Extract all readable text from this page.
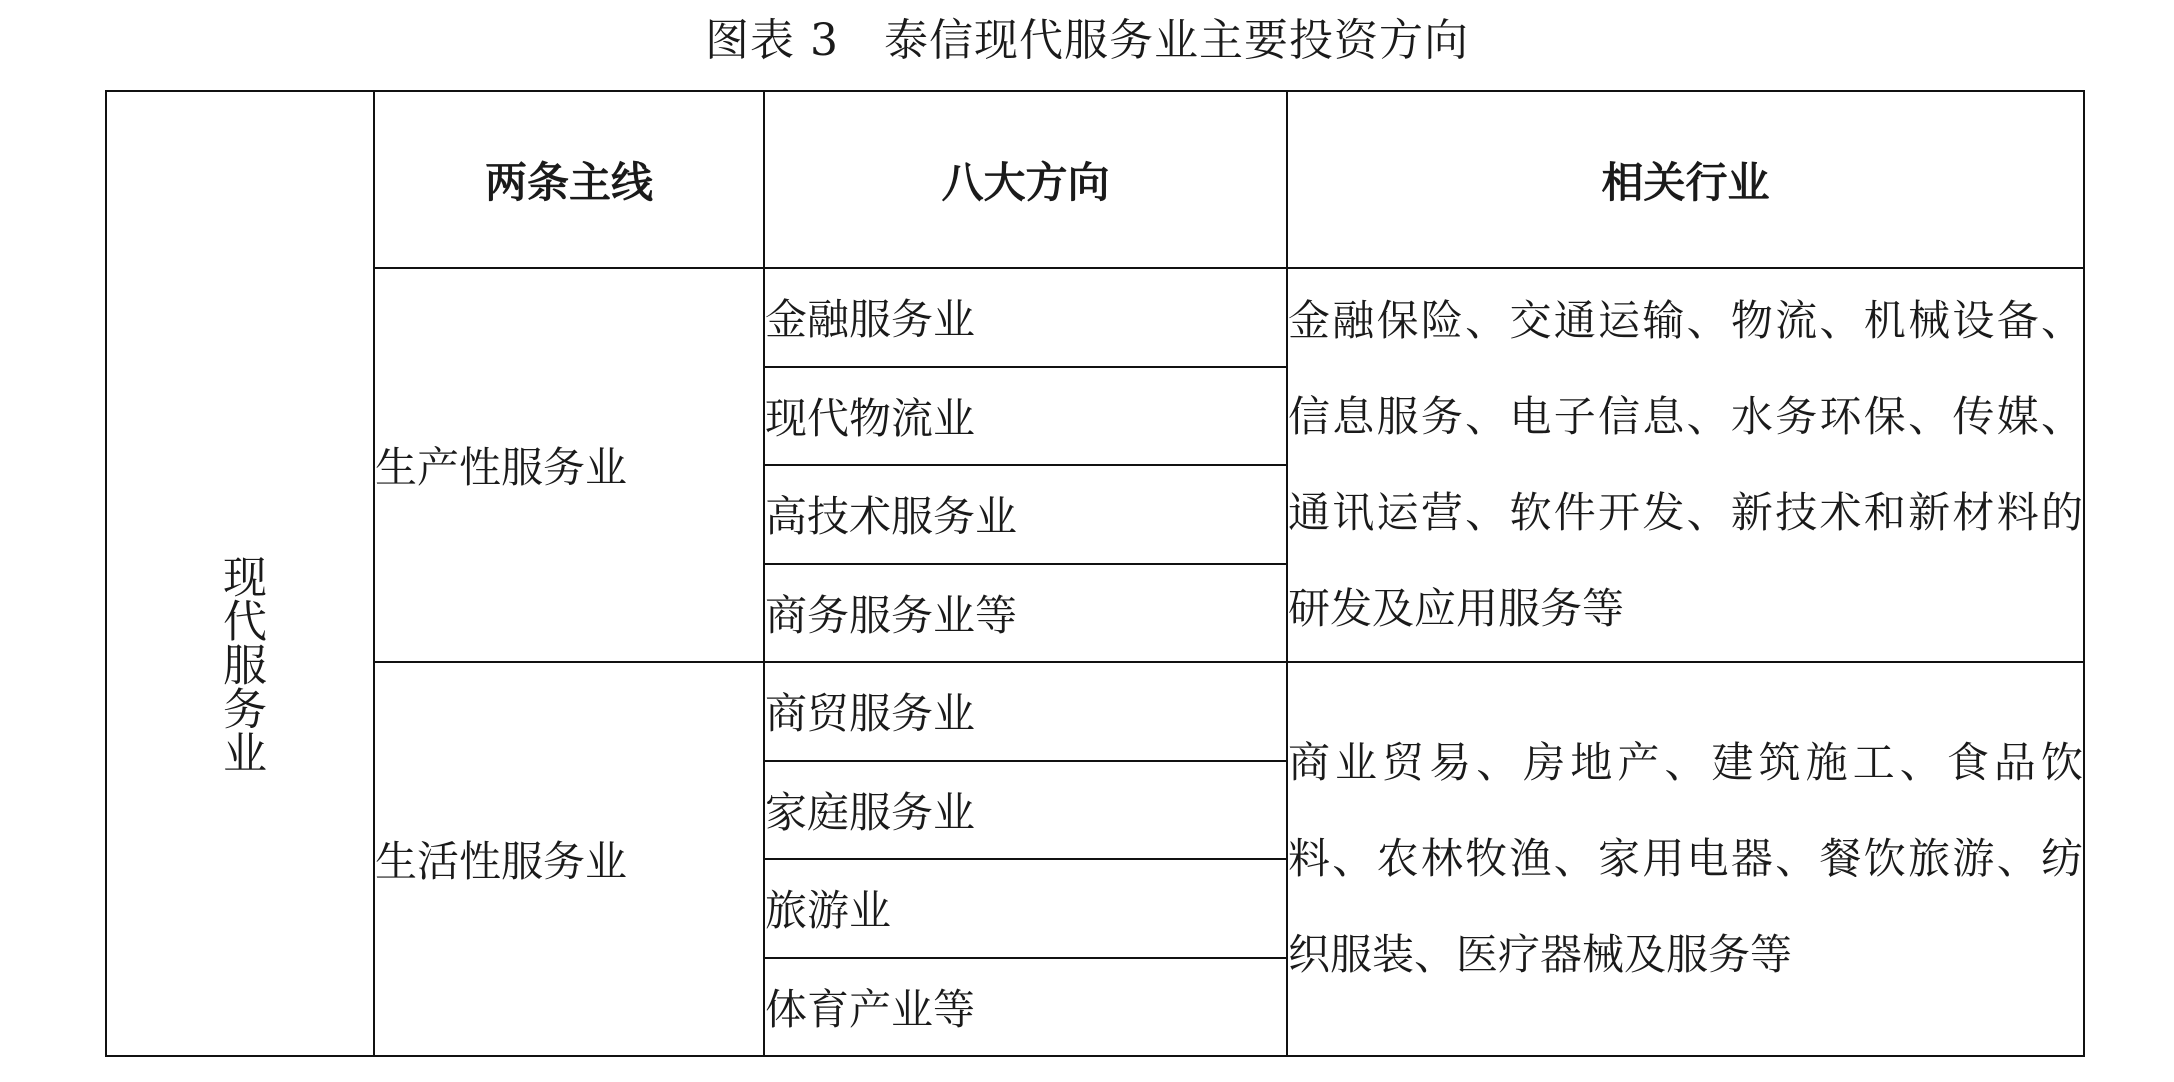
图表 3 泰信现代服务业主要投资方向
现代服务业	两条主线	八大方向	相关行业
	生产性服务业	金融服务业	金融保险、交通运输、物流、机械设备、信息服务、电子信息、水务环保、传媒、通讯运营、软件开发、新技术和新材料的研发及应用服务等
		现代物流业	
		高技术服务业	
		商务服务业等	
	生活性服务业	商贸服务业	商业贸易、房地产、建筑施工、食品饮料、农林牧渔、家用电器、餐饮旅游、纺织服装、医疗器械及服务等
		家庭服务业	
		旅游业	
		体育产业等	
